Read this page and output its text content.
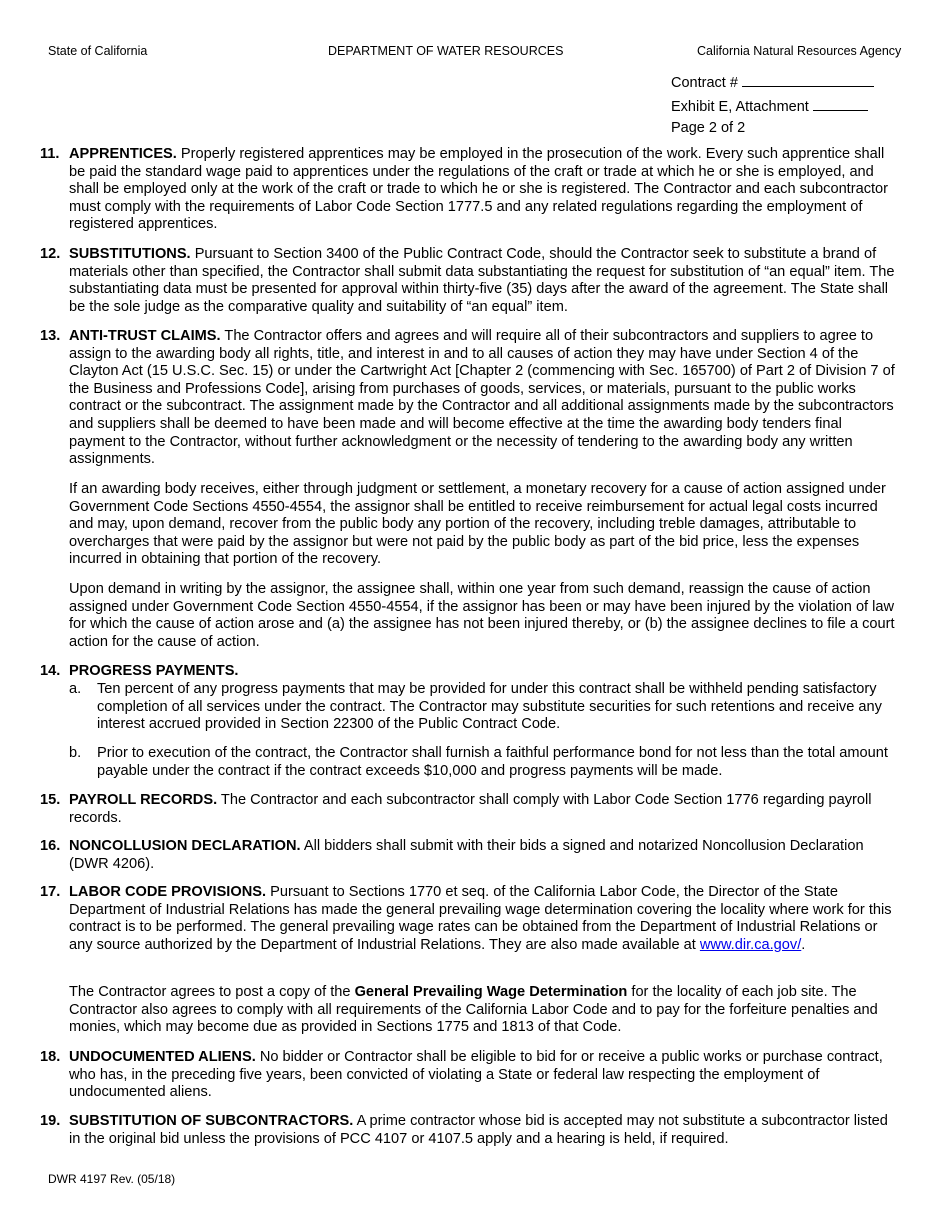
State of California	DEPARTMENT OF WATER RESOURCES	California Natural Resources Agency
Contract #
Exhibit E, Attachment
Page 2 of 2
11. APPRENTICES. Properly registered apprentices may be employed in the prosecution of the work. Every such apprentice shall be paid the standard wage paid to apprentices under the regulations of the craft or trade at which he or she is employed, and shall be employed only at the work of the craft or trade to which he or she is registered. The Contractor and each subcontractor must comply with the requirements of Labor Code Section 1777.5 and any related regulations regarding the employment of registered apprentices.
12. SUBSTITUTIONS. Pursuant to Section 3400 of the Public Contract Code, should the Contractor seek to substitute a brand of materials other than specified, the Contractor shall submit data substantiating the request for substitution of “an equal” item. The substantiating data must be presented for approval within thirty-five (35) days after the award of the agreement. The State shall be the sole judge as the comparative quality and suitability of “an equal” item.
13. ANTI-TRUST CLAIMS. The Contractor offers and agrees and will require all of their subcontractors and suppliers to agree to assign to the awarding body all rights, title, and interest in and to all causes of action they may have under Section 4 of the Clayton Act (15 U.S.C. Sec. 15) or under the Cartwright Act [Chapter 2 (commencing with Sec. 165700) of Part 2 of Division 7 of the Business and Professions Code], arising from purchases of goods, services, or materials, pursuant to the public works contract or the subcontract. The assignment made by the Contractor and all additional assignments made by the subcontractors and suppliers shall be deemed to have been made and will become effective at the time the awarding body tenders final payment to the Contractor, without further acknowledgment or the necessity of tendering to the awarding body any written assignments.
If an awarding body receives, either through judgment or settlement, a monetary recovery for a cause of action assigned under Government Code Sections 4550-4554, the assignor shall be entitled to receive reimbursement for actual legal costs incurred and may, upon demand, recover from the public body any portion of the recovery, including treble damages, attributable to overcharges that were paid by the assignor but were not paid by the public body as part of the bid price, less the expenses incurred in obtaining that portion of the recovery.
Upon demand in writing by the assignor, the assignee shall, within one year from such demand, reassign the cause of action assigned under Government Code Section 4550-4554, if the assignor has been or may have been injured by the violation of law for which the cause of action arose and (a) the assignee has not been injured thereby, or (b) the assignee declines to file a court action for the cause of action.
14. PROGRESS PAYMENTS.
a. Ten percent of any progress payments that may be provided for under this contract shall be withheld pending satisfactory completion of all services under the contract. The Contractor may substitute securities for such retentions and receive any interest accrued provided in Section 22300 of the Public Contract Code.
b. Prior to execution of the contract, the Contractor shall furnish a faithful performance bond for not less than the total amount payable under the contract if the contract exceeds $10,000 and progress payments will be made.
15. PAYROLL RECORDS. The Contractor and each subcontractor shall comply with Labor Code Section 1776 regarding payroll records.
16. NONCOLLUSION DECLARATION. All bidders shall submit with their bids a signed and notarized Noncollusion Declaration (DWR 4206).
17. LABOR CODE PROVISIONS. Pursuant to Sections 1770 et seq. of the California Labor Code, the Director of the State Department of Industrial Relations has made the general prevailing wage determination covering the locality where work for this contract is to be performed. The general prevailing wage rates can be obtained from the Department of Industrial Relations or any source authorized by the Department of Industrial Relations. They are also made available at www.dir.ca.gov/.
The Contractor agrees to post a copy of the General Prevailing Wage Determination for the locality of each job site. The Contractor also agrees to comply with all requirements of the California Labor Code and to pay for the forfeiture penalties and monies, which may become due as provided in Sections 1775 and 1813 of that Code.
18. UNDOCUMENTED ALIENS. No bidder or Contractor shall be eligible to bid for or receive a public works or purchase contract, who has, in the preceding five years, been convicted of violating a State or federal law respecting the employment of undocumented aliens.
19. SUBSTITUTION OF SUBCONTRACTORS. A prime contractor whose bid is accepted may not substitute a subcontractor listed in the original bid unless the provisions of PCC 4107 or 4107.5 apply and a hearing is held, if required.
DWR 4197 Rev. (05/18)
